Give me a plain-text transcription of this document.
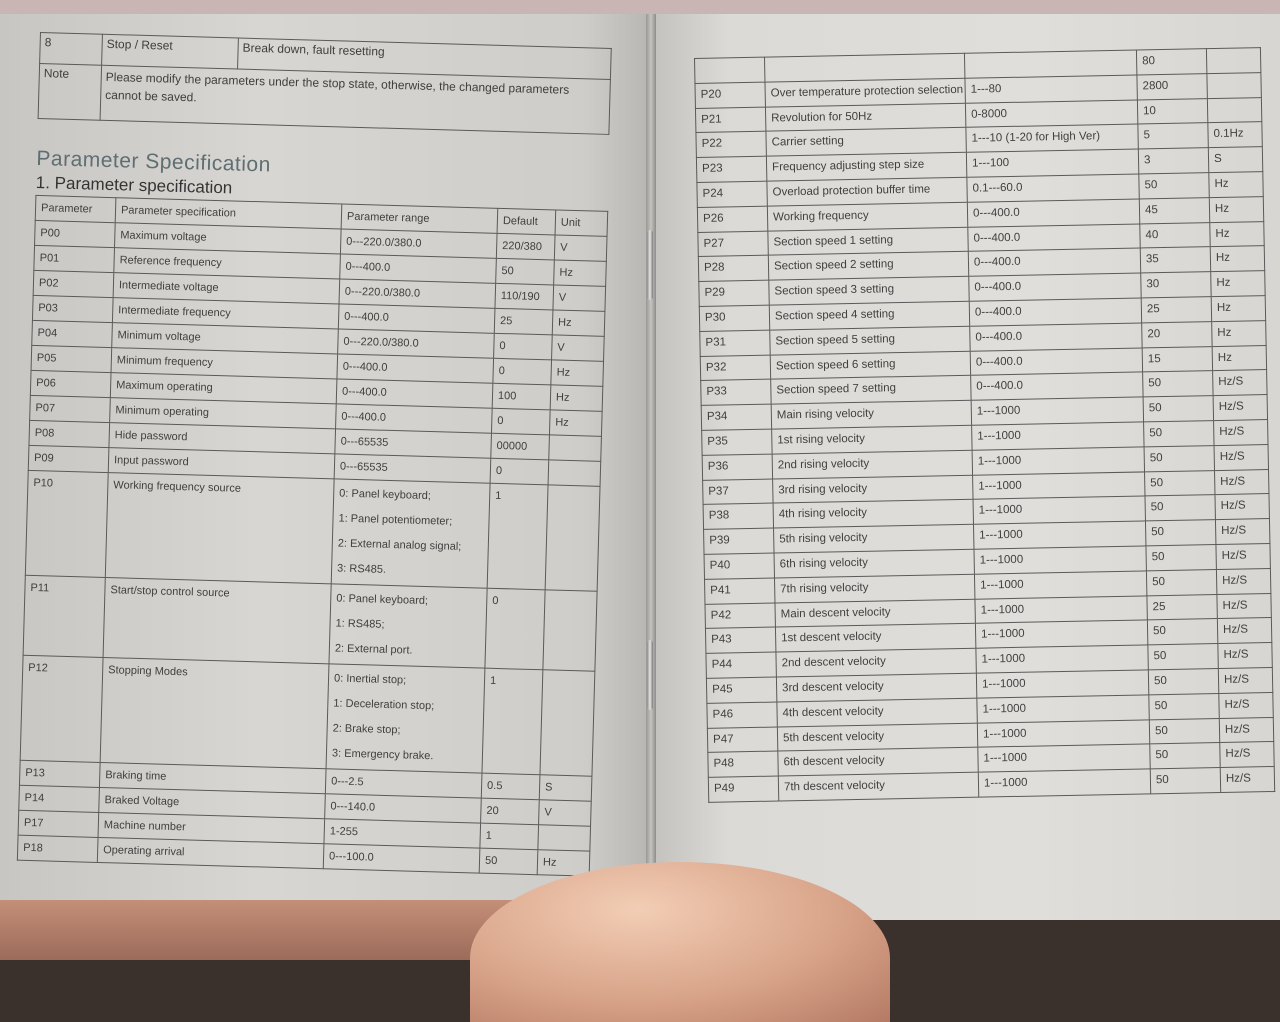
8	Stop / Reset	Break down, fault resetting
Note	Please modify the parameters under the stop state, otherwise, the changed parameters cannot be saved.	
Parameter Specification
1. Parameter specification
Parameter	Parameter specification	Parameter range	Default	Unit
P00	Maximum voltage	0---220.0/380.0	220/380	V
P01	Reference frequency	0---400.0	50	Hz
P02	Intermediate voltage	0---220.0/380.0	110/190	V
P03	Intermediate frequency	0---400.0	25	Hz
P04	Minimum voltage	0---220.0/380.0	0	V
P05	Minimum frequency	0---400.0	0	Hz
P06	Maximum operating	0---400.0	100	Hz
P07	Minimum operating	0---400.0	0	Hz
P08	Hide password	0---65535	00000	
P09	Input password	0---65535	0	
P10	Working frequency source	0: Panel keyboard;
1: Panel potentiometer;
2: External analog signal;
3: RS485.	1	
P11	Start/stop control source	0: Panel keyboard;
1: RS485;
2: External port.	0	
P12	Stopping Modes	0: Inertial stop;
1: Deceleration stop;
2: Brake stop;
3: Emergency brake.	1	
P13	Braking time	0---2.5	0.5	S
P14	Braked Voltage	0---140.0	20	V
P17	Machine number	1-255	1	
P18	Operating arrival	0---100.0	50	Hz
			80	
P20	Over temperature protection selection	1---80	2800	
P21	Revolution for 50Hz	0-8000	10	
P22	Carrier setting	1---10 (1-20 for High Ver)	5	0.1Hz
P23	Frequency adjusting step size	1---100	3	S
P24	Overload protection buffer time	0.1---60.0	50	Hz
P26	Working frequency	0---400.0	45	Hz
P27	Section speed 1 setting	0---400.0	40	Hz
P28	Section speed 2 setting	0---400.0	35	Hz
P29	Section speed 3 setting	0---400.0	30	Hz
P30	Section speed 4 setting	0---400.0	25	Hz
P31	Section speed 5 setting	0---400.0	20	Hz
P32	Section speed 6 setting	0---400.0	15	Hz
P33	Section speed 7 setting	0---400.0	50	Hz/S
P34	Main rising velocity	1---1000	50	Hz/S
P35	1st rising velocity	1---1000	50	Hz/S
P36	2nd rising velocity	1---1000	50	Hz/S
P37	3rd rising velocity	1---1000	50	Hz/S
P38	4th rising velocity	1---1000	50	Hz/S
P39	5th rising velocity	1---1000	50	Hz/S
P40	6th rising velocity	1---1000	50	Hz/S
P41	7th rising velocity	1---1000	50	Hz/S
P42	Main descent velocity	1---1000	25	Hz/S
P43	1st descent velocity	1---1000	50	Hz/S
P44	2nd descent velocity	1---1000	50	Hz/S
P45	3rd descent velocity	1---1000	50	Hz/S
P46	4th descent velocity	1---1000	50	Hz/S
P47	5th descent velocity	1---1000	50	Hz/S
P48	6th descent velocity	1---1000	50	Hz/S
P49	7th descent velocity	1---1000	50	Hz/S
